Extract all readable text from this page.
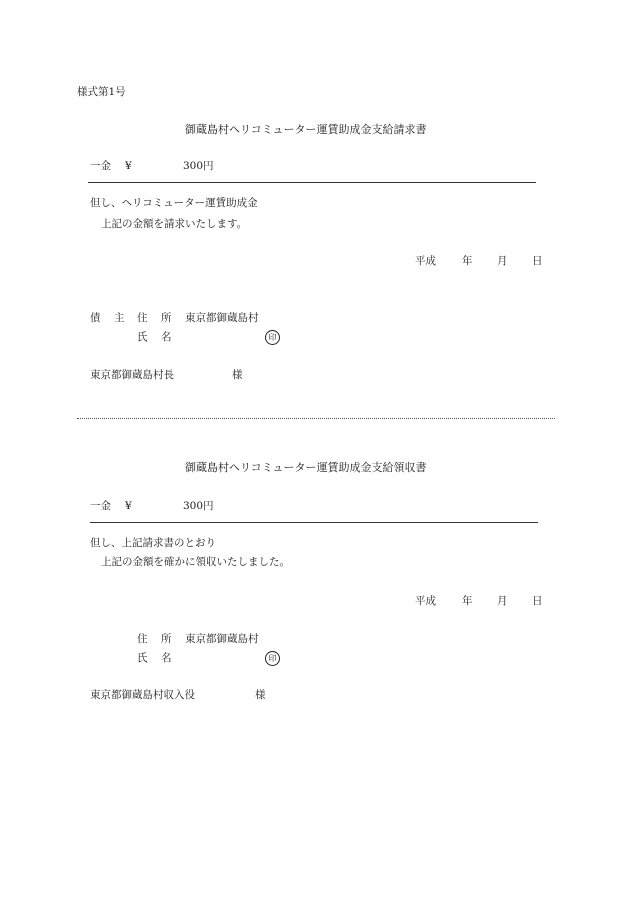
様式第1号
御蔵島村ヘリコミューター運賃助成金支給請求書
一金 ¥	300円
但し、ヘリコミューター運賃助成金
上記の金額を請求いたします。
平成 年 月 日
債 主 住 所 東京都御蔵島村
氏 名	印
東京都御蔵島村長	様
御蔵島村ヘリコミューター運賃助成金支給領収書
一金 ¥	300円
但し、上記請求書のとおり
上記の金額を確かに領収いたしました。
平成 年 月 日
住 所 東京都御蔵島村
氏 名	印
東京都御蔵島村収入役	様
